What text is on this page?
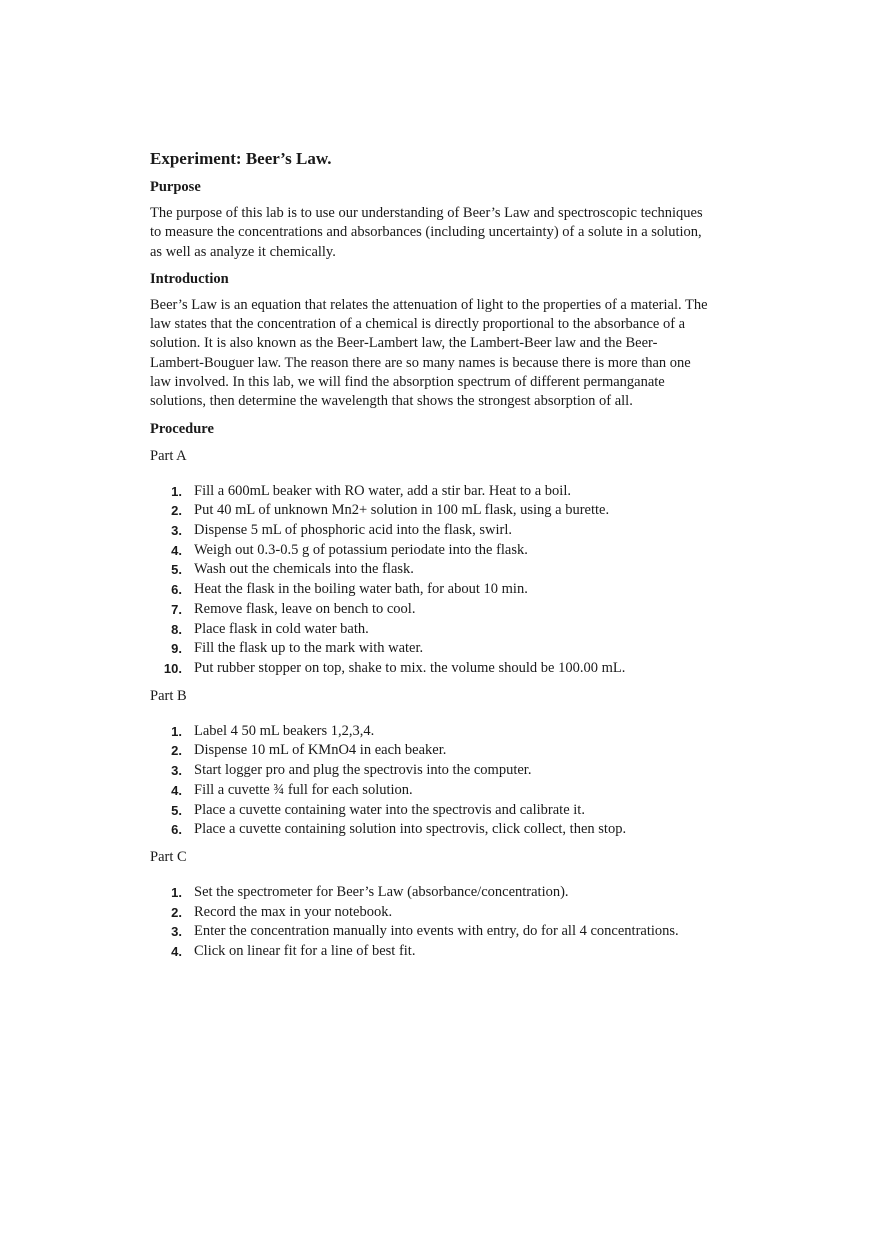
Experiment: Beer’s Law.
Purpose
The purpose of this lab is to use our understanding of Beer’s Law and spectroscopic techniques
to measure the concentrations and absorbances (including uncertainty) of a solute in a solution,
as well as analyze it chemically.
Introduction
Beer’s Law is an equation that relates the attenuation of light to the properties of a material. The
law states that the concentration of a chemical is directly proportional to the absorbance of a
solution. It is also known as the Beer-Lambert law, the Lambert-Beer law and the Beer-
Lambert-Bouguer law. The reason there are so many names is because there is more than one
law involved. In this lab, we will find the absorption spectrum of different permanganate
solutions, then determine the wavelength that shows the strongest absorption of all.
Procedure
Part A
1. Fill a 600mL beaker with RO water, add a stir bar. Heat to a boil.
2. Put 40 mL of unknown Mn2+ solution in 100 mL flask, using a burette.
3. Dispense 5 mL of phosphoric acid into the flask, swirl.
4. Weigh out 0.3-0.5 g of potassium periodate into the flask.
5. Wash out the chemicals into the flask.
6. Heat the flask in the boiling water bath, for about 10 min.
7. Remove flask, leave on bench to cool.
8. Place flask in cold water bath.
9. Fill the flask up to the mark with water.
10. Put rubber stopper on top, shake to mix. the volume should be 100.00 mL.
Part B
1. Label 4 50 mL beakers 1,2,3,4.
2. Dispense 10 mL of KMnO4 in each beaker.
3. Start logger pro and plug the spectrovis into the computer.
4. Fill a cuvette ¾ full for each solution.
5. Place a cuvette containing water into the spectrovis and calibrate it.
6. Place a cuvette containing solution into spectrovis, click collect, then stop.
Part C
1. Set the spectrometer for Beer’s Law (absorbance/concentration).
2. Record the max in your notebook.
3. Enter the concentration manually into events with entry, do for all 4 concentrations.
4. Click on linear fit for a line of best fit.
